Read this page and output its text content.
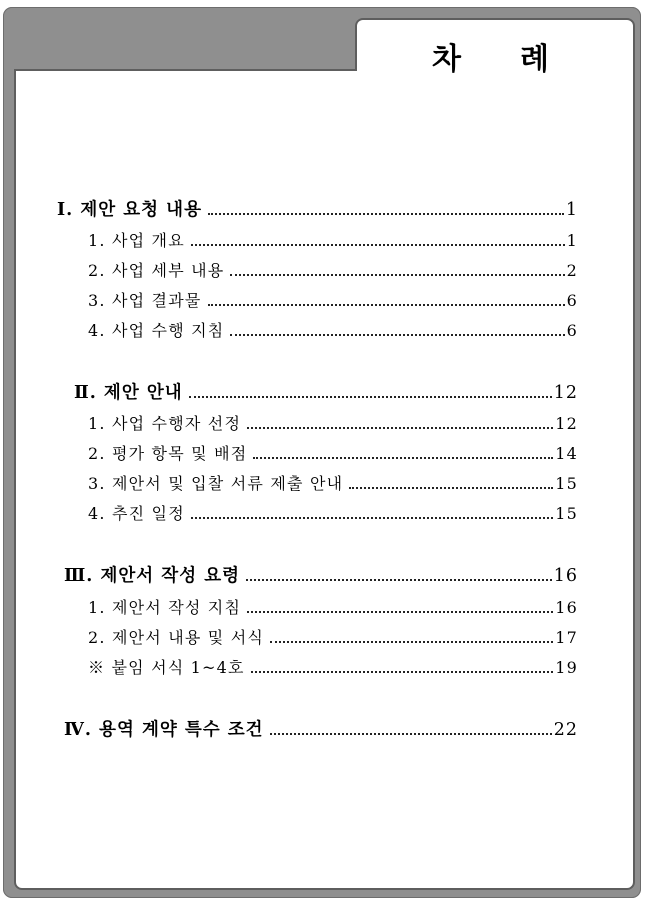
차 례
Ⅰ. 제안 요청 내용	1
1. 사업 개요	1
2. 사업 세부 내용	2
3. 사업 결과물	6
4. 사업 수행 지침	6
Ⅱ. 제안 안내	12
1. 사업 수행자 선정	12
2. 평가 항목 및 배점	14
3. 제안서 및 입찰 서류 제출 안내	15
4. 추진 일정	15
Ⅲ. 제안서 작성 요령	16
1. 제안서 작성 지침	16
2. 제안서 내용 및 서식	17
※ 붙임 서식 1~4호	19
Ⅳ. 용역 계약 특수 조건	22
